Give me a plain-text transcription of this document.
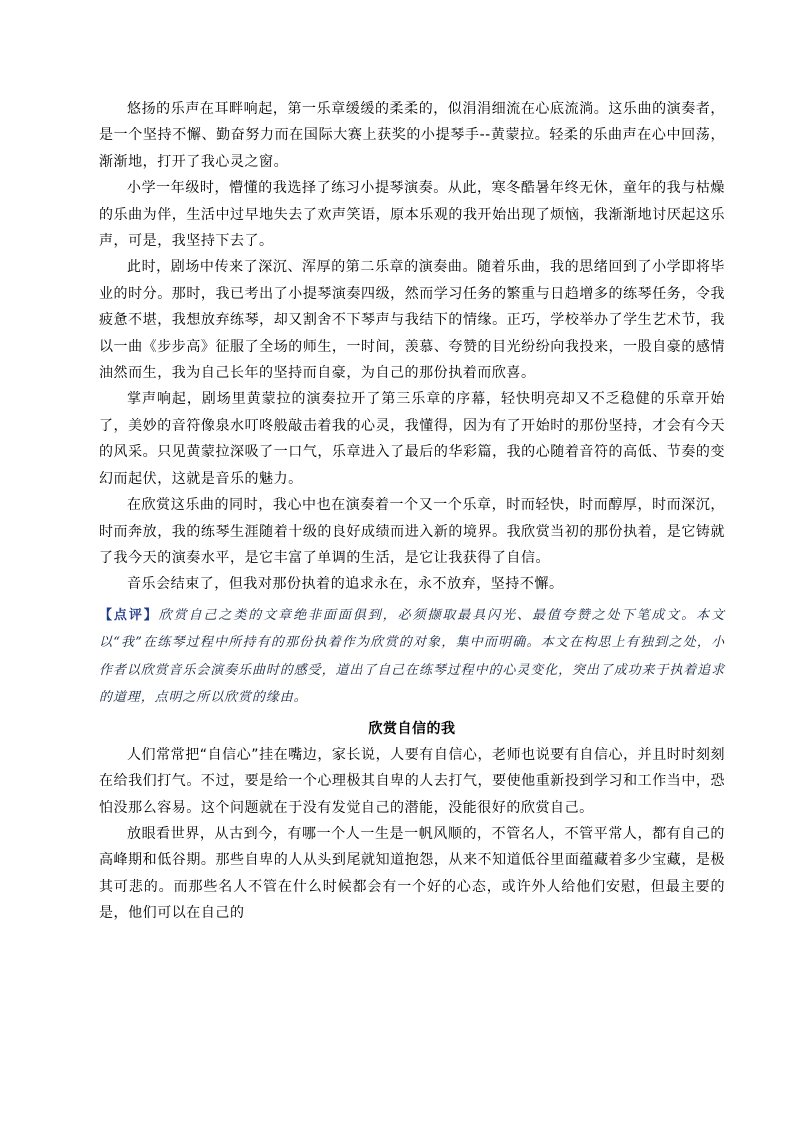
悠扬的乐声在耳畔响起，第一乐章缓缓的柔柔的，似涓涓细流在心底流淌。这乐曲的演奏者，是一个坚持不懈、勤奋努力而在国际大赛上获奖的小提琴手--黄蒙拉。轻柔的乐曲声在心中回荡，渐渐地，打开了我心灵之窗。

小学一年级时，懵懂的我选择了练习小提琴演奏。从此，寒冬酷暑年终无休，童年的我与枯燥的乐曲为伴，生活中过早地失去了欢声笑语，原本乐观的我开始出现了烦恼，我渐渐地讨厌起这乐声，可是，我坚持下去了。

此时，剧场中传来了深沉、浑厚的第二乐章的演奏曲。随着乐曲，我的思绪回到了小学即将毕业的时分。那时，我已考出了小提琴演奏四级，然而学习任务的繁重与日趋增多的练琴任务，令我疲惫不堪，我想放弃练琴，却又割舍不下琴声与我结下的情缘。正巧，学校举办了学生艺术节，我以一曲《步步高》征服了全场的师生，一时间，羡慕、夸赞的目光纷纷向我投来，一股自豪的感情油然而生，我为自己长年的坚持而自豪，为自己的那份执着而欣喜。

掌声响起，剧场里黄蒙拉的演奏拉开了第三乐章的序幕，轻快明亮却又不乏稳健的乐章开始了，美妙的音符像泉水叮咚般敲击着我的心灵，我懂得，因为有了开始时的那份坚持，才会有今天的风采。只见黄蒙拉深吸了一口气，乐章进入了最后的华彩篇，我的心随着音符的高低、节奏的变幻而起伏，这就是音乐的魅力。

在欣赏这乐曲的同时，我心中也在演奏着一个又一个乐章，时而轻快，时而醇厚，时而深沉，时而奔放，我的练琴生涯随着十级的良好成绩而进入新的境界。我欣赏当初的那份执着，是它铸就了我今天的演奏水平，是它丰富了单调的生活，是它让我获得了自信。

音乐会结束了，但我对那份执着的追求永在，永不放弃，坚持不懈。

【点评】欣赏自己之类的文章绝非面面俱到，必须撷取最具闪光、最值夸赞之处下笔成文。本文以“我”在练琴过程中所持有的那份执着作为欣赏的对象，集中而明确。本文在构思上有独到之处，小作者以欣赏音乐会演奏乐曲时的感受，道出了自己在练琴过程中的心灵变化，突出了成功来于执着追求的道理，点明之所以欣赏的缘由。

欣赏自信的我

人们常常把“自信心”挂在嘴边，家长说，人要有自信心，老师也说要有自信心，并且时时刻刻在给我们打气。不过，要是给一个心理极其自卑的人去打气，要使他重新投到学习和工作当中，恐怕没那么容易。这个问题就在于没有发觉自己的潜能，没能很好的欣赏自己。

放眼看世界，从古到今，有哪一个人一生是一帆风顺的，不管名人，不管平常人，都有自己的高峰期和低谷期。那些自卑的人从头到尾就知道抱怨，从来不知道低谷里面蕴藏着多少宝藏，是极其可悲的。而那些名人不管在什么时候都会有一个好的心态，或许外人给他们安慰，但最主要的是，他们可以在自己的
